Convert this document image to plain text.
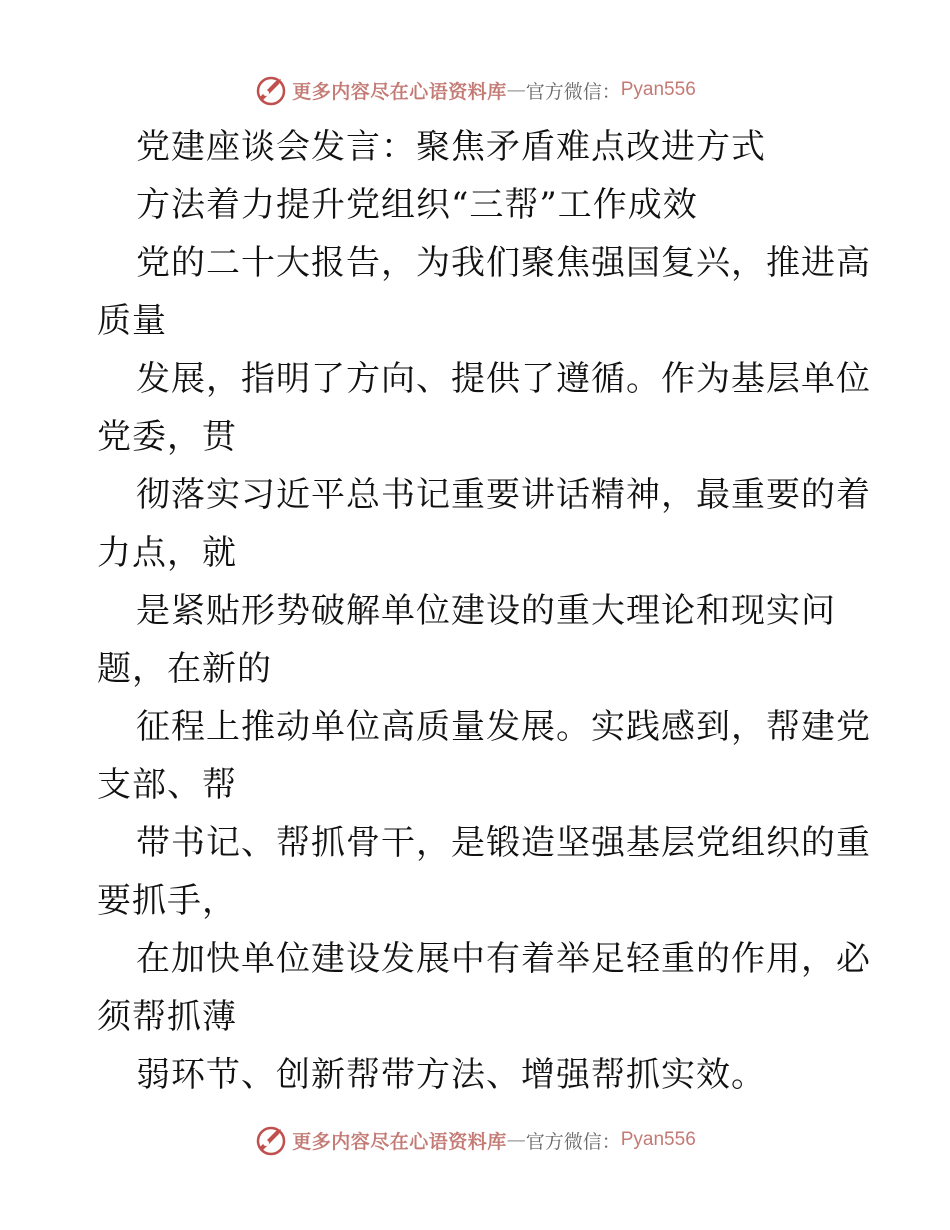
更多内容尽在心语资料库 — 官方微信： Pyan556
党建座谈会发言：聚焦矛盾难点改进方式
方法着力提升党组织“三帮”工作成效
党的二十大报告，为我们聚焦强国复兴，推进高
质量
发展，指明了方向、提供了遵循。作为基层单位
党委，贯
彻落实习近平总书记重要讲话精神，最重要的着
力点，就
是紧贴形势破解单位建设的重大理论和现实问
题，在新的
征程上推动单位高质量发展。实践感到，帮建党
支部、帮
带书记、帮抓骨干，是锻造坚强基层党组织的重
要抓手，
在加快单位建设发展中有着举足轻重的作用，必
须帮抓薄
弱环节、创新帮带方法、增强帮抓实效。
更多内容尽在心语资料库 — 官方微信： Pyan556
